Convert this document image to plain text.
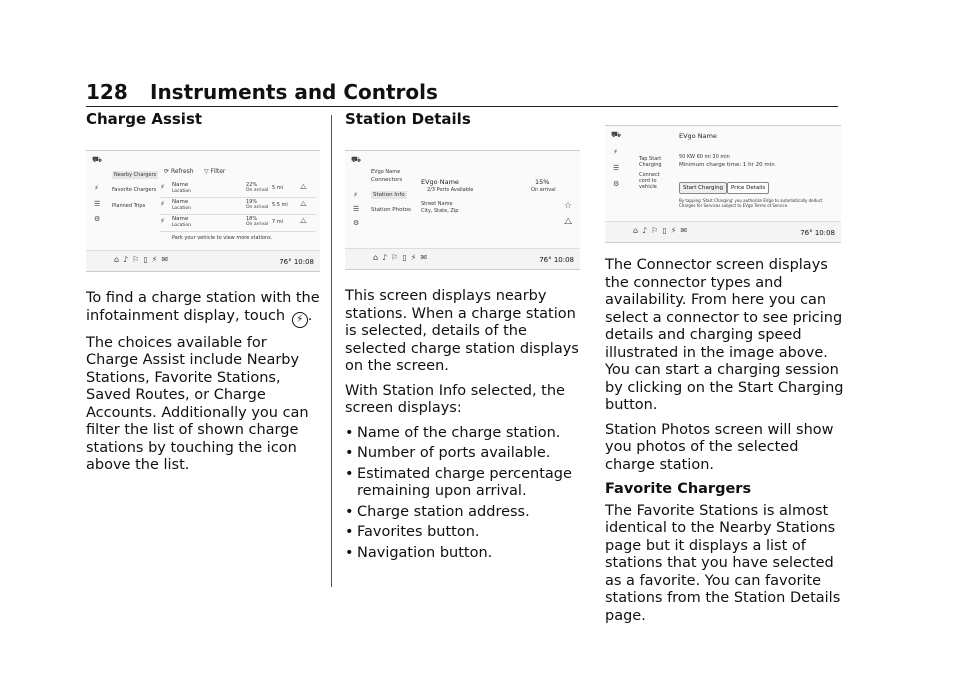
128 Instruments and Controls
Charge Assist
⛟
Nearby Chargers
Favorite Chargers
Planned Trips
⚡
☰
⚙
⟳ Refresh ▽ Filter
⚡ Name
Location
22%
On arrival 5 mi ⧍
⚡ Name
Location
19%
On arrival 5.5 mi ⧍
⚡ Name
Location
18%
On arrival 7 mi ⧍
Park your vehicle to view more stations.
⌂♪⚐▯⚡✉	76° 10:08

To find a charge station with the infotainment display, touch ⚡ .

The choices available for Charge Assist include Nearby Stations, Favorite Stations, Saved Routes, or Charge Accounts. Additionally you can filter the list of shown charge stations by touching the icon above the list.

Station Details
⛟
EVgo Name
Connectors
Station Info
Station Photos
⚡
☰
⚙
EVgo Name
2/3 Ports Available
15%
On arrival
Street Name
City, State, Zip	☆
⧍
⌂♪⚐▯⚡✉	76° 10:08

This screen displays nearby stations. When a charge station is selected, details of the selected charge station displays on the screen.

With Station Info selected, the screen displays:

• Name of the charge station.
• Number of ports available.
• Estimated charge percentage remaining upon arrival.
• Charge station address.
• Favorites button.
• Navigation button.
⛟
⚡
☰
⚙
EVgo Name
50 KW 60 mi 30 min
Minimum charge time: 1 hr 20 min
Tap Start Charging
Connect cord to vehicle	Start Charging	Price Details
By tapping 'Start Charging' you authorize EVgo to automatically deduct Charges for Services subject to EVgo Terms of Service.
⌂♪⚐▯⚡✉	76° 10:08

The Connector screen displays the connector types and availability. From here you can select a connector to see pricing details and charging speed illustrated in the image above. You can start a charging session by clicking on the Start Charging button.

Station Photos screen will show you photos of the selected charge station.

Favorite Chargers

The Favorite Stations is almost identical to the Nearby Stations page but it displays a list of stations that you have selected as a favorite. You can favorite stations from the Station Details page.
